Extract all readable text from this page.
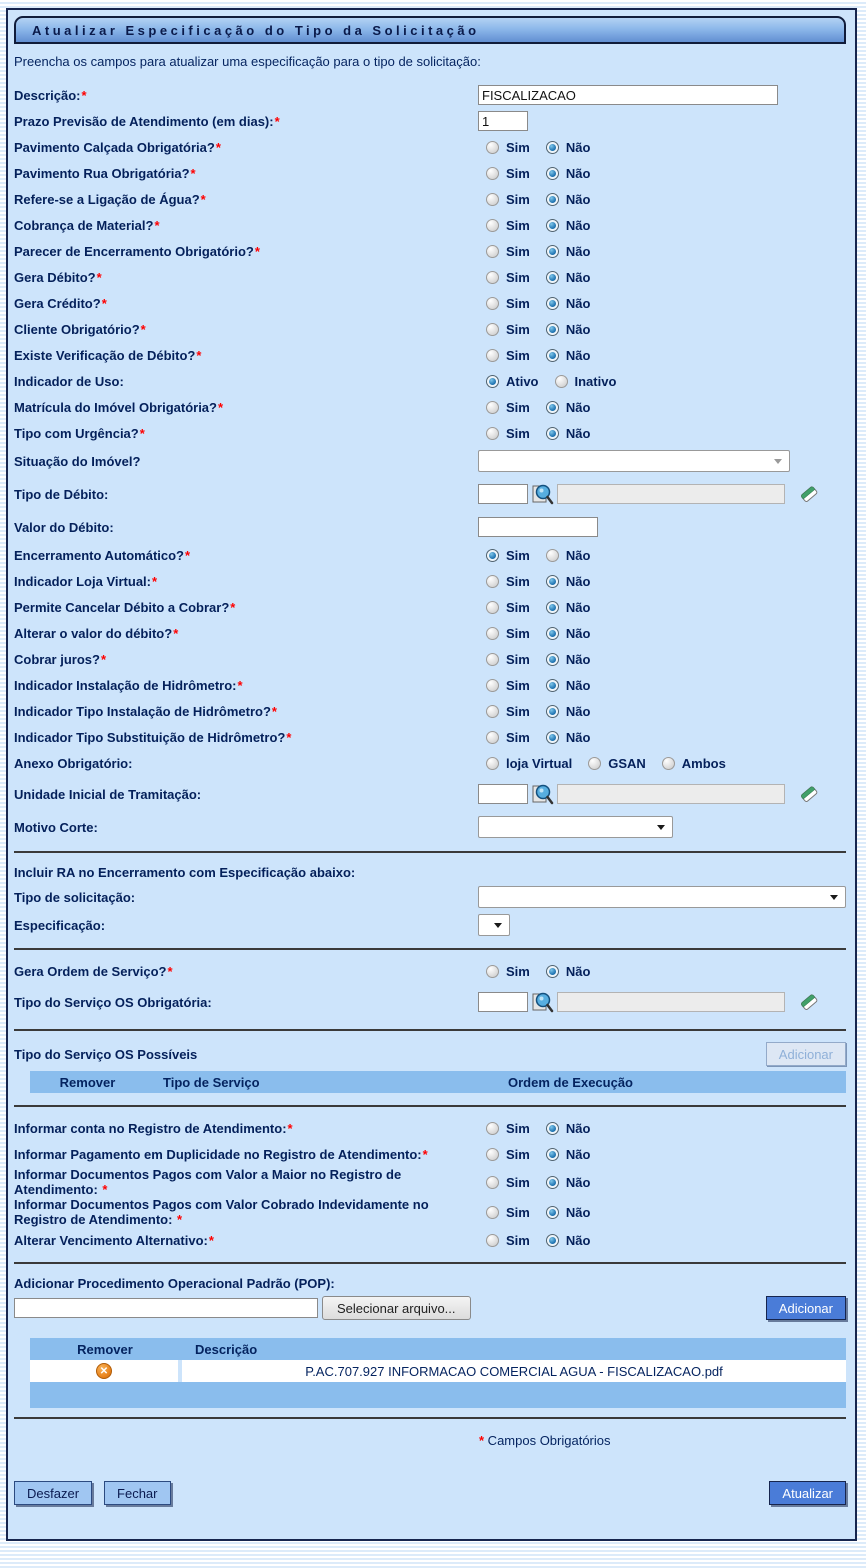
Atualizar Especificação do Tipo da Solicitação
Preencha os campos para atualizar uma especificação para o tipo de solicitação:
Descrição:*
FISCALIZACAO
Prazo Previsão de Atendimento (em dias):*
1
Pavimento Calçada Obrigatória?*	Sim	Não
Pavimento Rua Obrigatória?*	Sim	Não
Refere-se a Ligação de Água?*	Sim	Não
Cobrança de Material?*	Sim	Não
Parecer de Encerramento Obrigatório?*	Sim	Não
Gera Débito?*	Sim	Não
Gera Crédito?*	Sim	Não
Cliente Obrigatório?*	Sim	Não
Existe Verificação de Débito?*	Sim	Não
Indicador de Uso:	Ativo	Inativo
Matrícula do Imóvel Obrigatória?*	Sim	Não
Tipo com Urgência?*	Sim	Não
Situação do Imóvel?
Tipo de Débito:
Valor do Débito:
Encerramento Automático?*	Sim	Não
Indicador Loja Virtual:*	Sim	Não
Permite Cancelar Débito a Cobrar?*	Sim	Não
Alterar o valor do débito?*	Sim	Não
Cobrar juros?*	Sim	Não
Indicador Instalação de Hidrômetro:*	Sim	Não
Indicador Tipo Instalação de Hidrômetro?*	Sim	Não
Indicador Tipo Substituição de Hidrômetro?*	Sim	Não
Anexo Obrigatório:	loja Virtual	GSAN	Ambos
Unidade Inicial de Tramitação:
Motivo Corte:
Incluir RA no Encerramento com Especificação abaixo:
Tipo de solicitação:
Especificação:
Gera Ordem de Serviço?*	Sim	Não
Tipo do Serviço OS Obrigatória:
Tipo do Serviço OS Possíveis	Adicionar
Remover	Tipo de Serviço	Ordem de Execução
Informar conta no Registro de Atendimento:*	Sim	Não
Informar Pagamento em Duplicidade no Registro de Atendimento:*	Sim	Não
Informar Documentos Pagos com Valor a Maior no Registro de Atendimento: *	Sim	Não
Informar Documentos Pagos com Valor Cobrado Indevidamente no Registro de Atendimento: *	Sim	Não
Alterar Vencimento Alternativo:*	Sim	Não
Adicionar Procedimento Operacional Padrão (POP):
Selecionar arquivo...	Adicionar
Remover	Descrição
✕	P.AC.707.927 INFORMACAO COMERCIAL AGUA - FISCALIZACAO.pdf
* Campos Obrigatórios
Desfazer	Fechar	Atualizar
